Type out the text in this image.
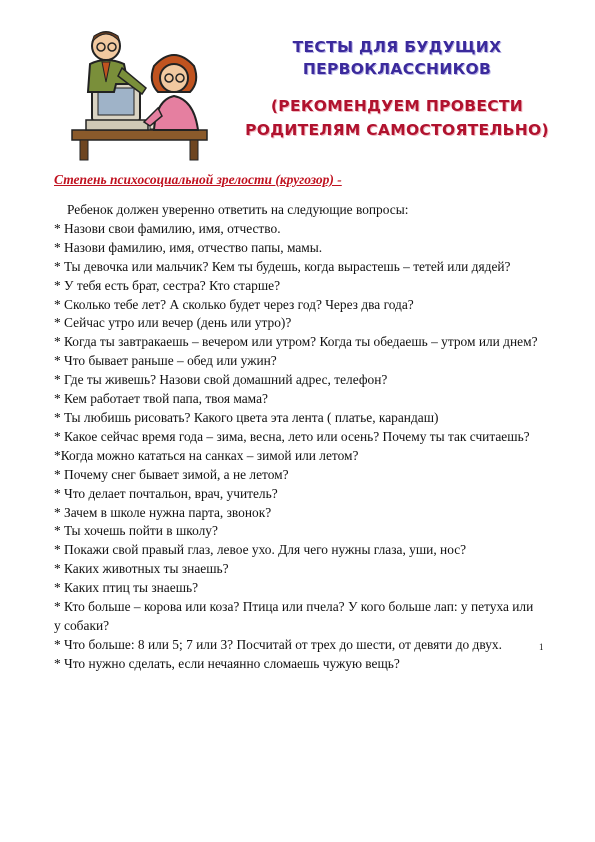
ТЕСТЫ ДЛЯ БУДУЩИХ
ПЕРВОКЛАССНИКОВ
(РЕКОМЕНДУЕМ ПРОВЕСТИ
РОДИТЕЛЯМ САМОСТОЯТЕЛЬНО)
Степень психосоциальной зрелости (кругозор) -
Ребенок должен уверенно ответить на следующие вопросы:
* Назови свои фамилию, имя, отчество.
* Назови фамилию, имя, отчество папы, мамы.
* Ты девочка или мальчик? Кем ты будешь, когда вырастешь – тетей или дядей?
* У тебя есть брат, сестра? Кто старше?
* Сколько тебе лет? А сколько будет через год? Через два года?
* Сейчас утро или вечер (день или утро)?
* Когда ты завтракаешь – вечером или утром? Когда ты обедаешь – утром или днем?
* Что бывает раньше – обед или ужин?
* Где ты живешь? Назови свой домашний адрес, телефон?
* Кем работает твой папа, твоя мама?
* Ты любишь рисовать? Какого цвета эта лента ( платье, карандаш)
* Какое сейчас время года – зима, весна, лето или осень? Почему ты так считаешь?
*Когда можно кататься на санках – зимой или летом?
* Почему снег бывает зимой, а не летом?
* Что делает почтальон, врач, учитель?
* Зачем в школе нужна парта, звонок?
* Ты хочешь пойти в школу?
* Покажи свой правый глаз, левое ухо. Для чего нужны глаза, уши, нос?
* Каких животных ты знаешь?
* Каких птиц ты знаешь?
* Кто больше – корова или коза? Птица или пчела? У кого больше лап: у петуха или у собаки?
* Что больше: 8 или 5; 7 или 3? Посчитай от трех до шести, от девяти до двух.
* Что нужно сделать, если нечаянно сломаешь чужую вещь?
1
